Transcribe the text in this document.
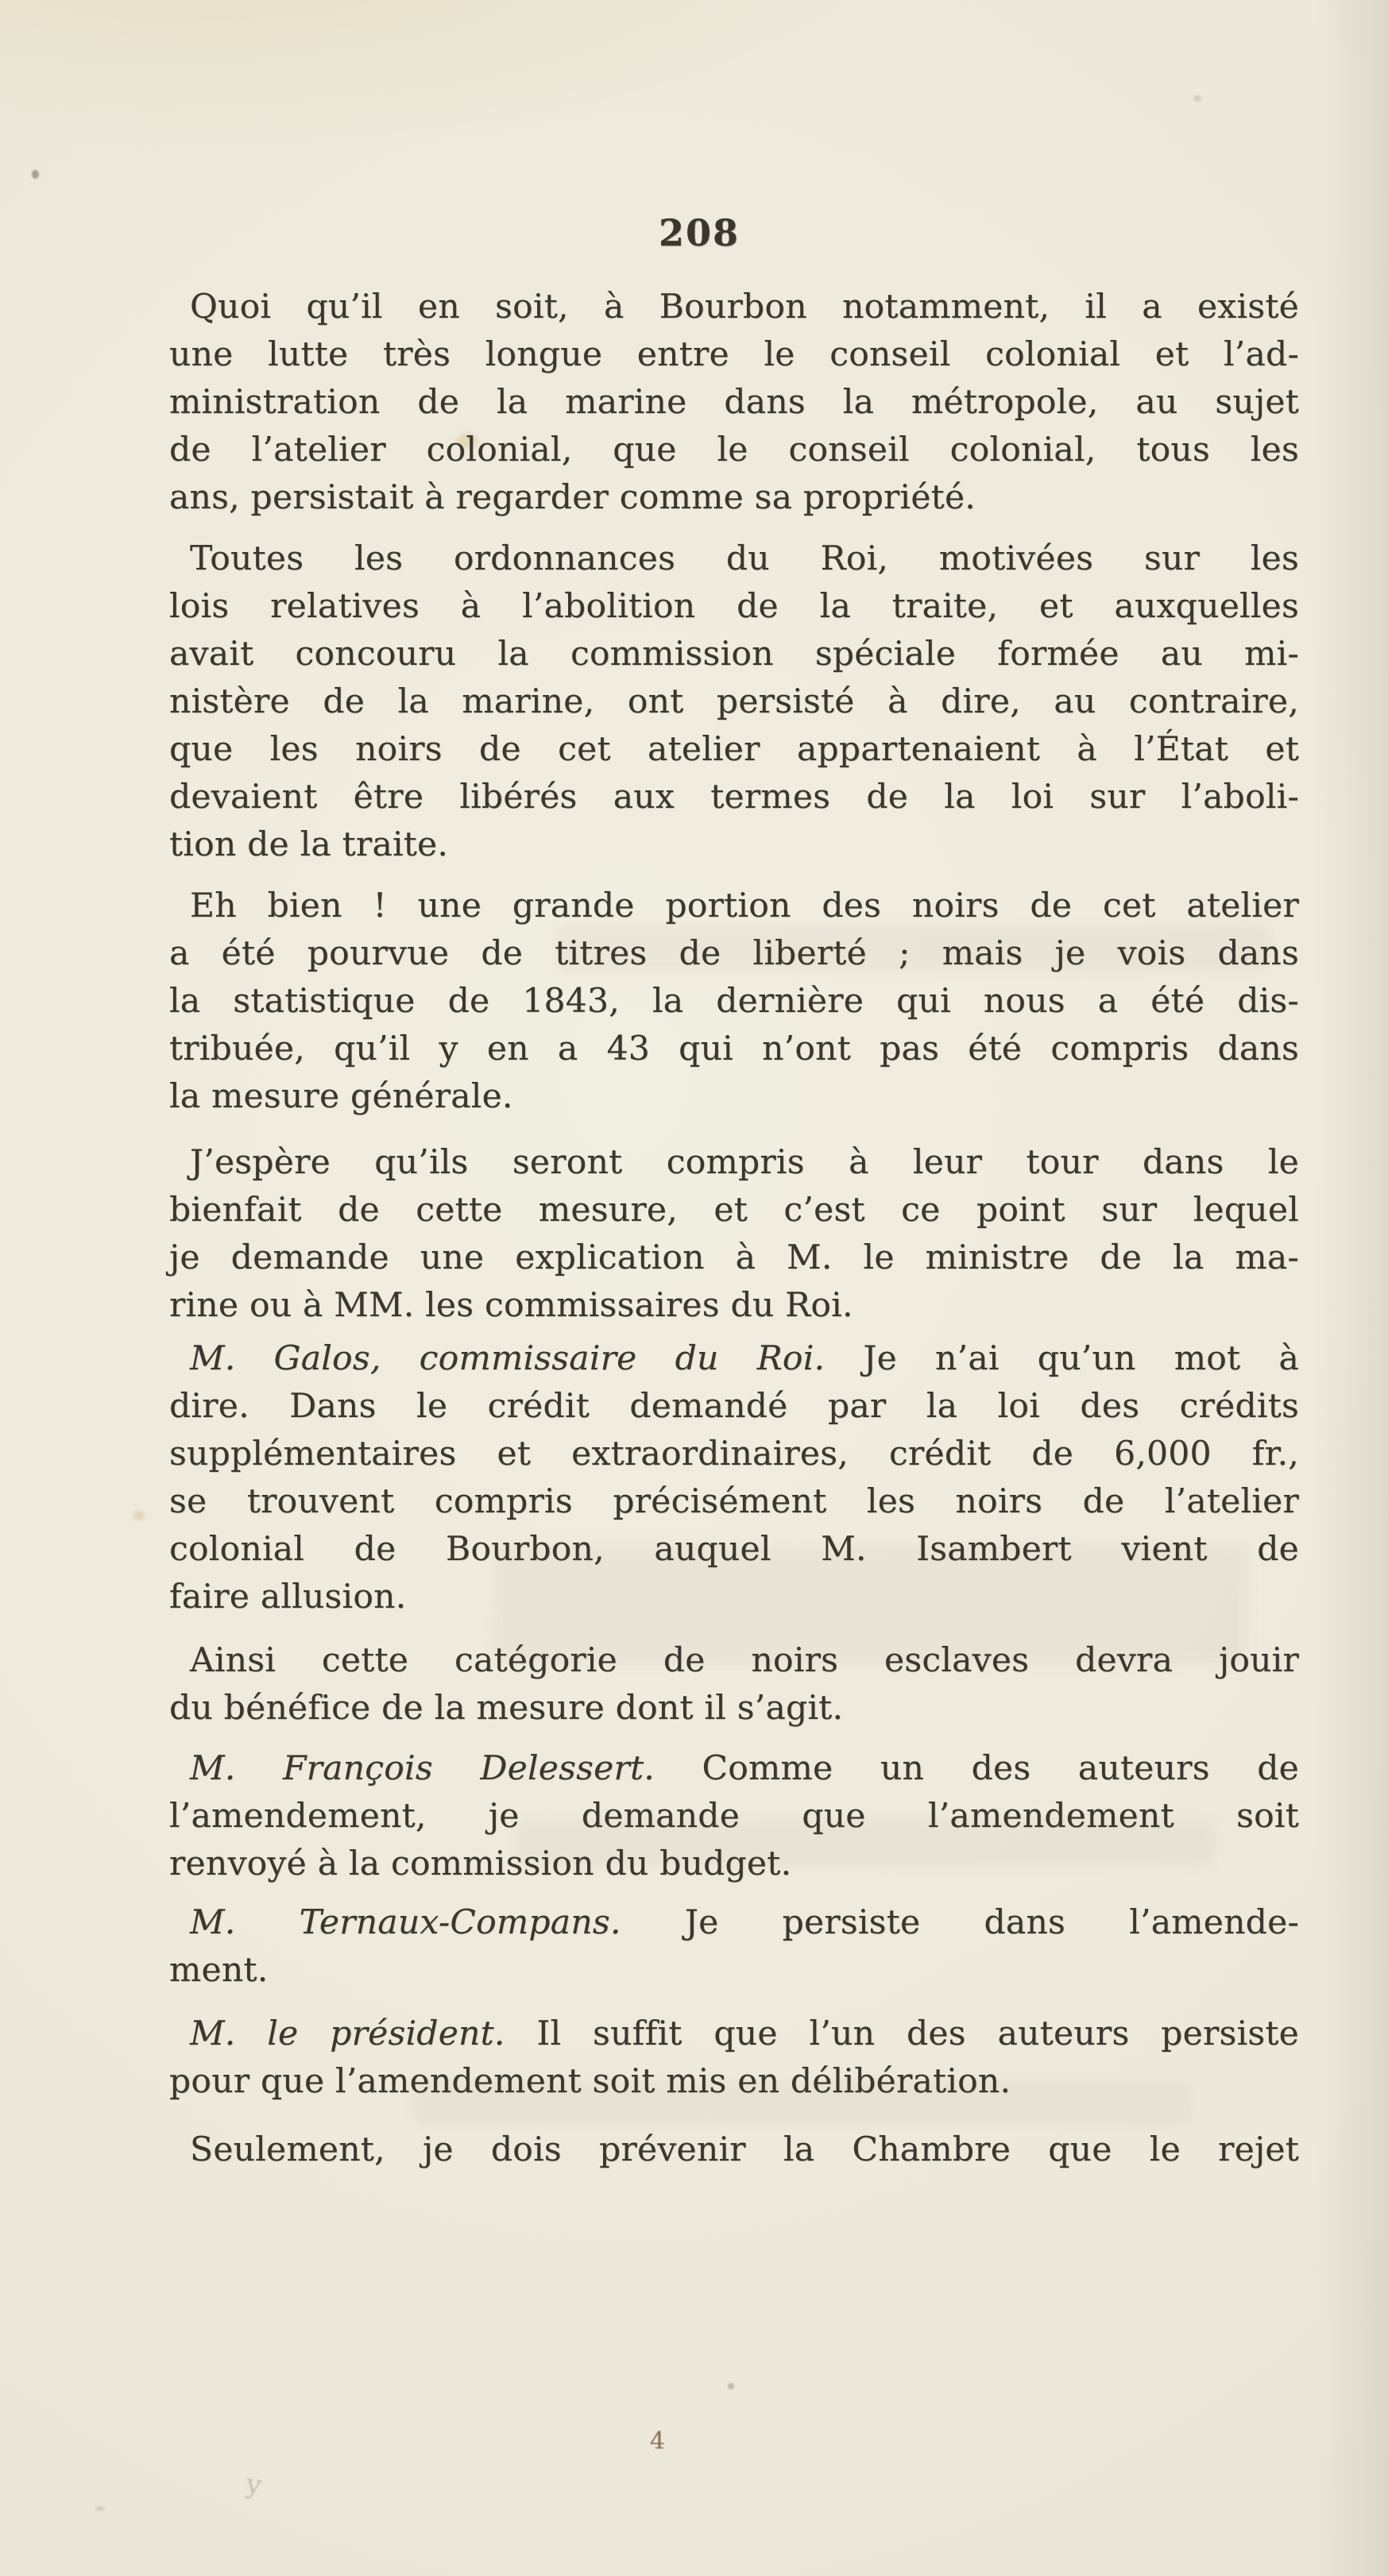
208
Quoi qu’il en soit, à Bourbon notamment, il a existé
une lutte très longue entre le conseil colonial et l’ad-
ministration de la marine dans la métropole, au sujet
de l’atelier colonial, que le conseil colonial, tous les
ans, persistait à regarder comme sa propriété.
Toutes les ordonnances du Roi, motivées sur les
lois relatives à l’abolition de la traite, et auxquelles
avait concouru la commission spéciale formée au mi-
nistère de la marine, ont persisté à dire, au contraire,
que les noirs de cet atelier appartenaient à l’État et
devaient être libérés aux termes de la loi sur l’aboli-
tion de la traite.
Eh bien ! une grande portion des noirs de cet atelier
a été pourvue de titres de liberté ; mais je vois dans
la statistique de 1843, la dernière qui nous a été dis-
tribuée, qu’il y en a 43 qui n’ont pas été compris dans
la mesure générale.
J’espère qu’ils seront compris à leur tour dans le
bienfait de cette mesure, et c’est ce point sur lequel
je demande une explication à M. le ministre de la ma-
rine ou à MM. les commissaires du Roi.
M. Galos, commissaire du Roi. Je n’ai qu’un mot à
dire. Dans le crédit demandé par la loi des crédits
supplémentaires et extraordinaires, crédit de 6,000 fr.,
se trouvent compris précisément les noirs de l’atelier
colonial de Bourbon, auquel M. Isambert vient de
faire allusion.
Ainsi cette catégorie de noirs esclaves devra jouir
du bénéfice de la mesure dont il s’agit.
M. François Delessert. Comme un des auteurs de
l’amendement, je demande que l’amendement soit
renvoyé à la commission du budget.
M. Ternaux-Compans. Je persiste dans l’amende-
ment.
M. le président. Il suffit que l’un des auteurs persiste
pour que l’amendement soit mis en délibération.
Seulement, je dois prévenir la Chambre que le rejet
4
y
